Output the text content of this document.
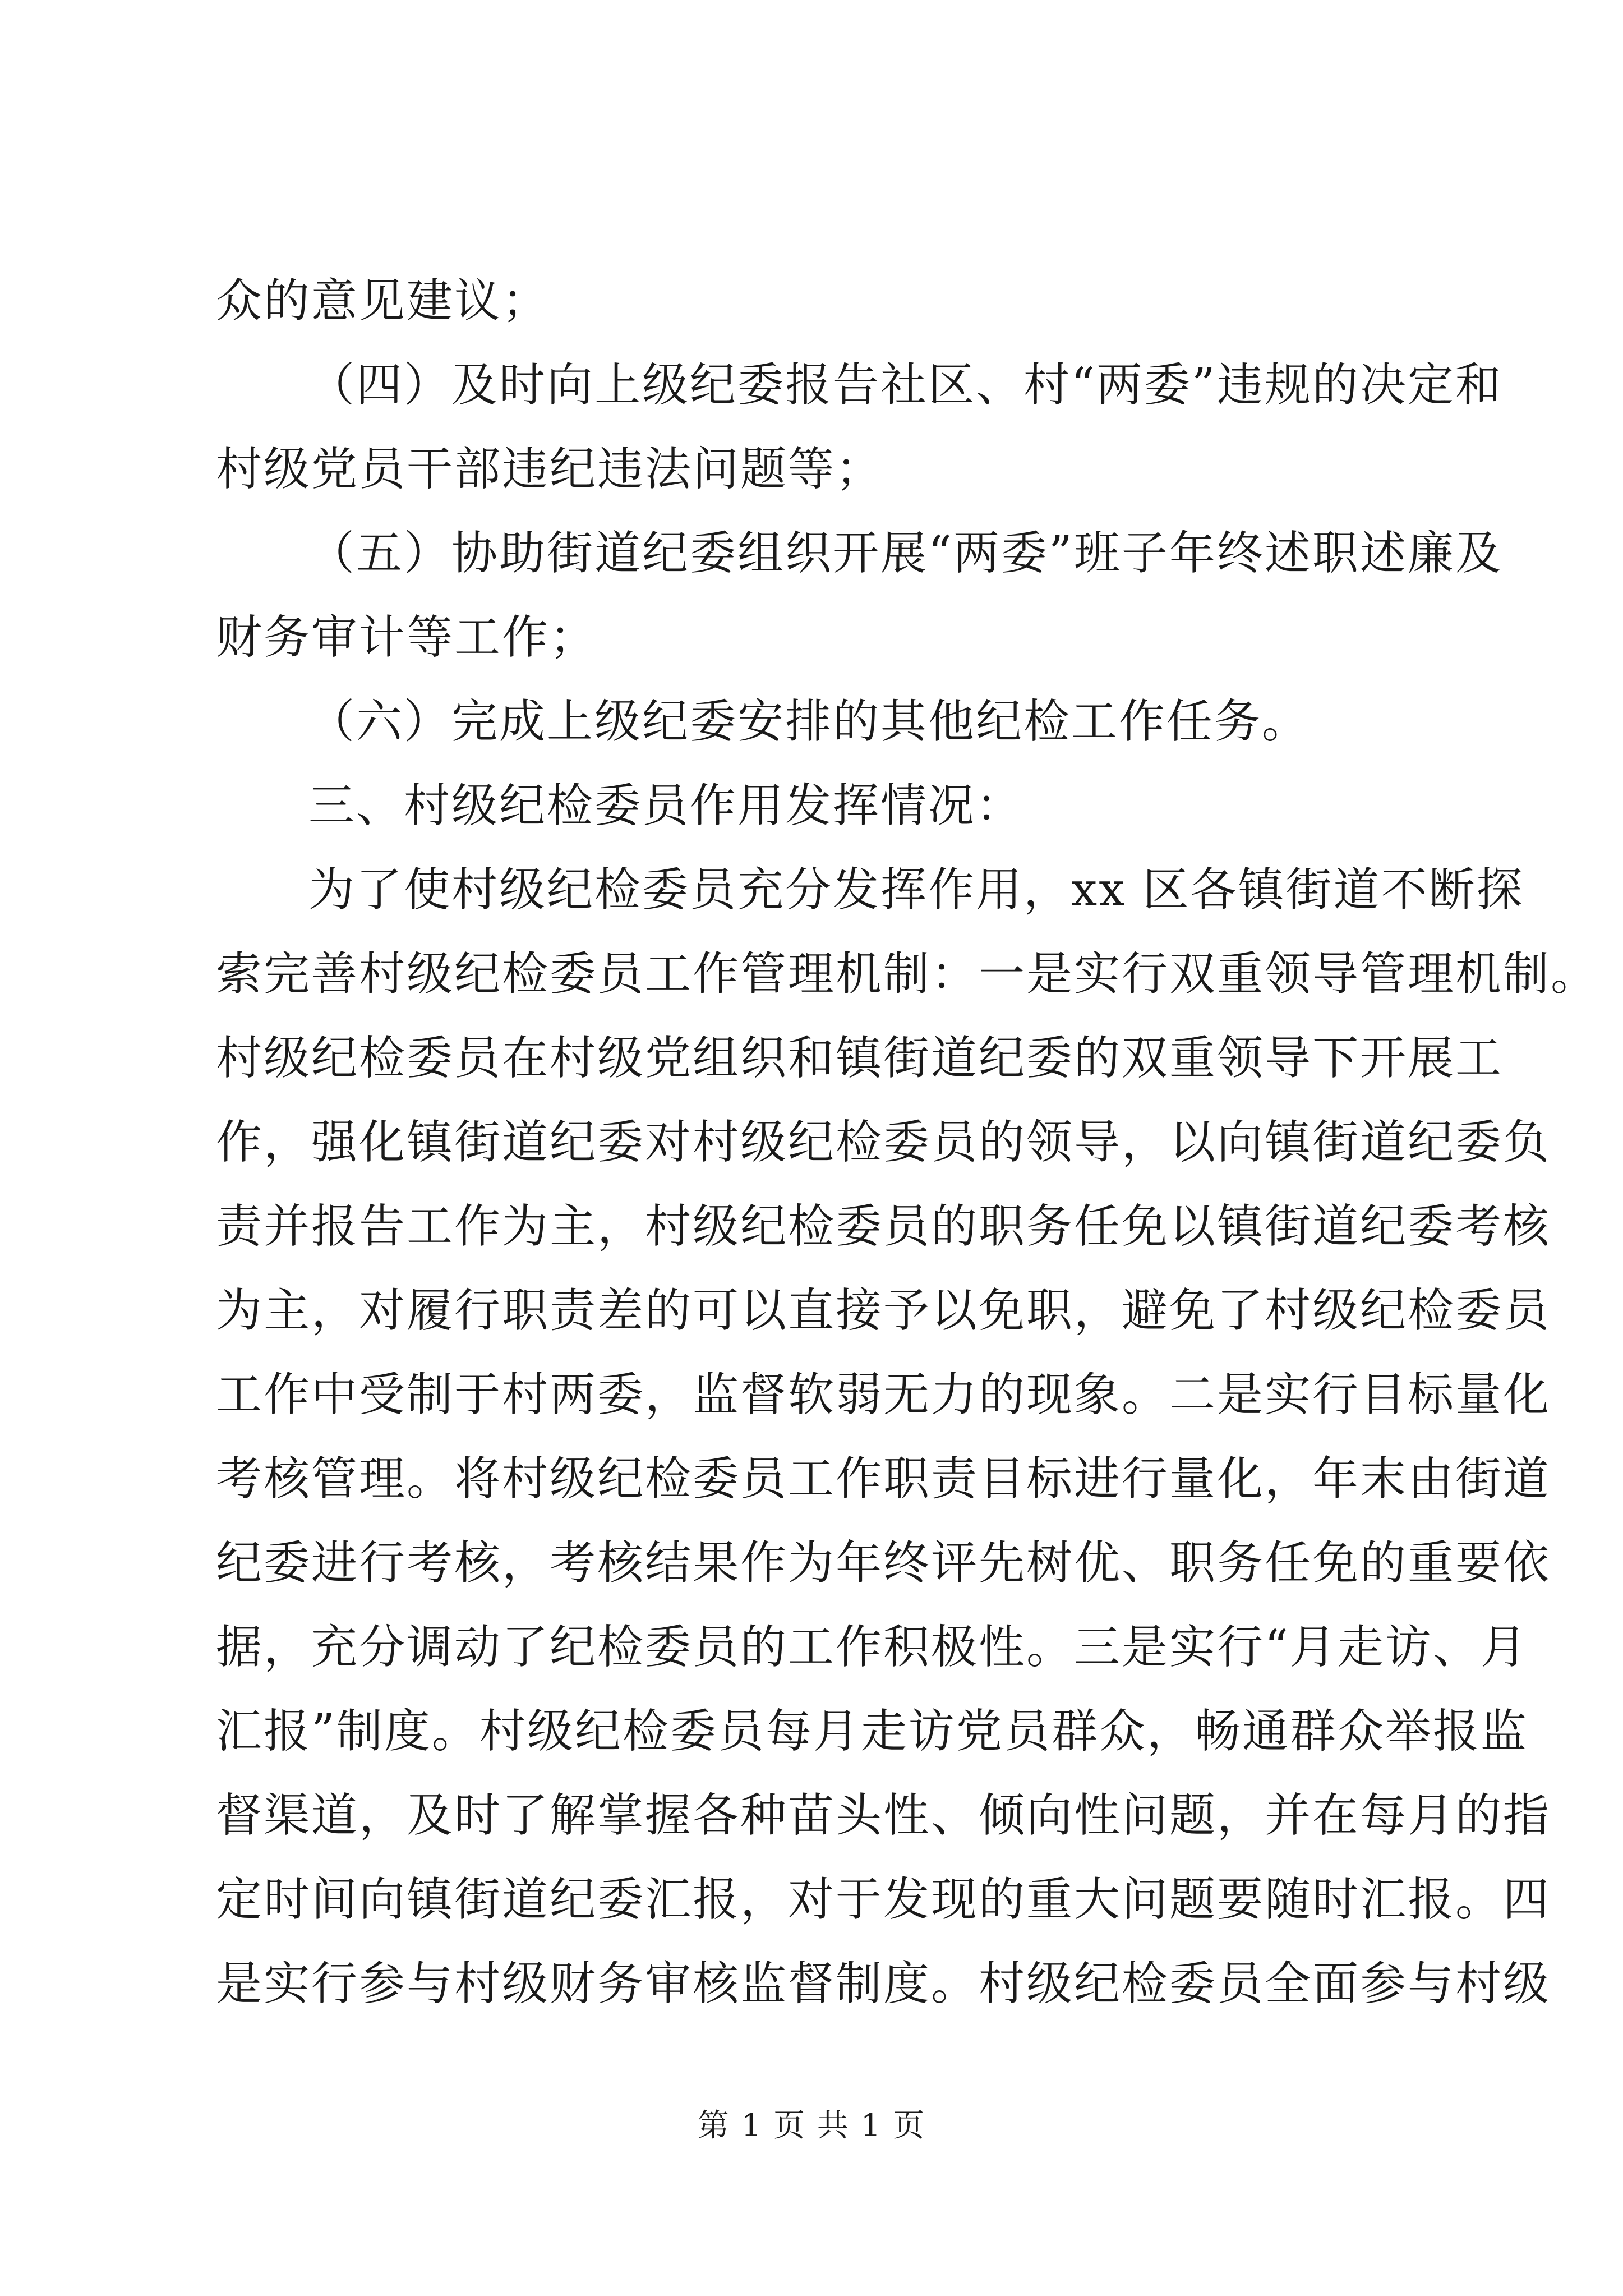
众的意见建议；
（四）及时向上级纪委报告社区、村“两委”违规的决定和
村级党员干部违纪违法问题等；
（五）协助街道纪委组织开展“两委”班子年终述职述廉及
财务审计等工作；
（六）完成上级纪委安排的其他纪检工作任务。
三、村级纪检委员作用发挥情况：
为了使村级纪检委员充分发挥作用，xx 区各镇街道不断探
索完善村级纪检委员工作管理机制：一是实行双重领导管理机制。
村级纪检委员在村级党组织和镇街道纪委的双重领导下开展工
作，强化镇街道纪委对村级纪检委员的领导，以向镇街道纪委负
责并报告工作为主，村级纪检委员的职务任免以镇街道纪委考核
为主，对履行职责差的可以直接予以免职，避免了村级纪检委员
工作中受制于村两委，监督软弱无力的现象。二是实行目标量化
考核管理。将村级纪检委员工作职责目标进行量化，年末由街道
纪委进行考核，考核结果作为年终评先树优、职务任免的重要依
据，充分调动了纪检委员的工作积极性。三是实行“月走访、月
汇报”制度。村级纪检委员每月走访党员群众，畅通群众举报监
督渠道，及时了解掌握各种苗头性、倾向性问题，并在每月的指
定时间向镇街道纪委汇报，对于发现的重大问题要随时汇报。四
是实行参与村级财务审核监督制度。村级纪检委员全面参与村级
第 1 页 共 1 页
